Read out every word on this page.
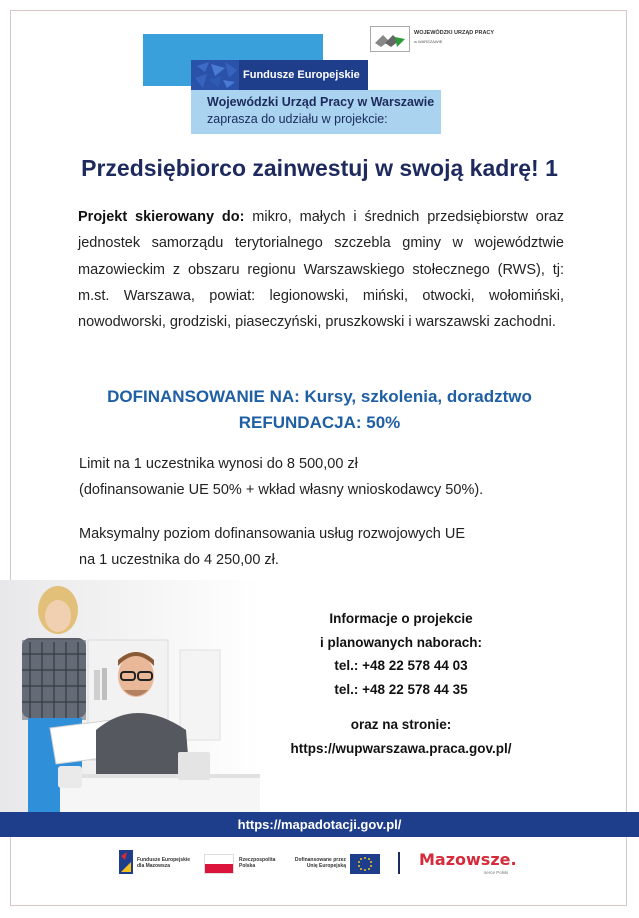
WOJEWÓDZKI URZĄD PRACY
w WARSZAWIE
Fundusze Europejskie
Wojewódzki Urząd Pracy w Warszawie
zaprasza do udziału w projekcie:
Przedsiębiorco zainwestuj w swoją kadrę! 1
Projekt skierowany do: mikro, małych i średnich przedsiębiorstw oraz jednostek samorządu terytorialnego szczebla gminy w województwie mazowieckim z obszaru regionu Warszawskiego stołecznego (RWS), tj: m.st. Warszawa, powiat: legionowski, miński, otwocki, wołomiński, nowodworski, grodziski, piaseczyński, pruszkowski i warszawski zachodni.
DOFINANSOWANIE NA: Kursy, szkolenia, doradztwo
REFUNDACJA: 50%
Limit na 1 uczestnika wynosi do 8 500,00 zł
(dofinansowanie UE 50% + wkład własny wnioskodawcy 50%).
Maksymalny poziom dofinansowania usług rozwojowych UE
na 1 uczestnika do 4 250,00 zł.
Informacje o projekcie
i planowanych naborach:
tel.: +48 22 578 44 03
tel.: +48 22 578 44 35
oraz na stronie:
https://wupwarszawa.praca.gov.pl/
https://mapadotacji.gov.pl/
Fundusze Europejskie
dla Mazowsza
Rzeczpospolita
Polska
Dofinansowane przez
Unię Europejską	Mazowsze.
serce Polski
